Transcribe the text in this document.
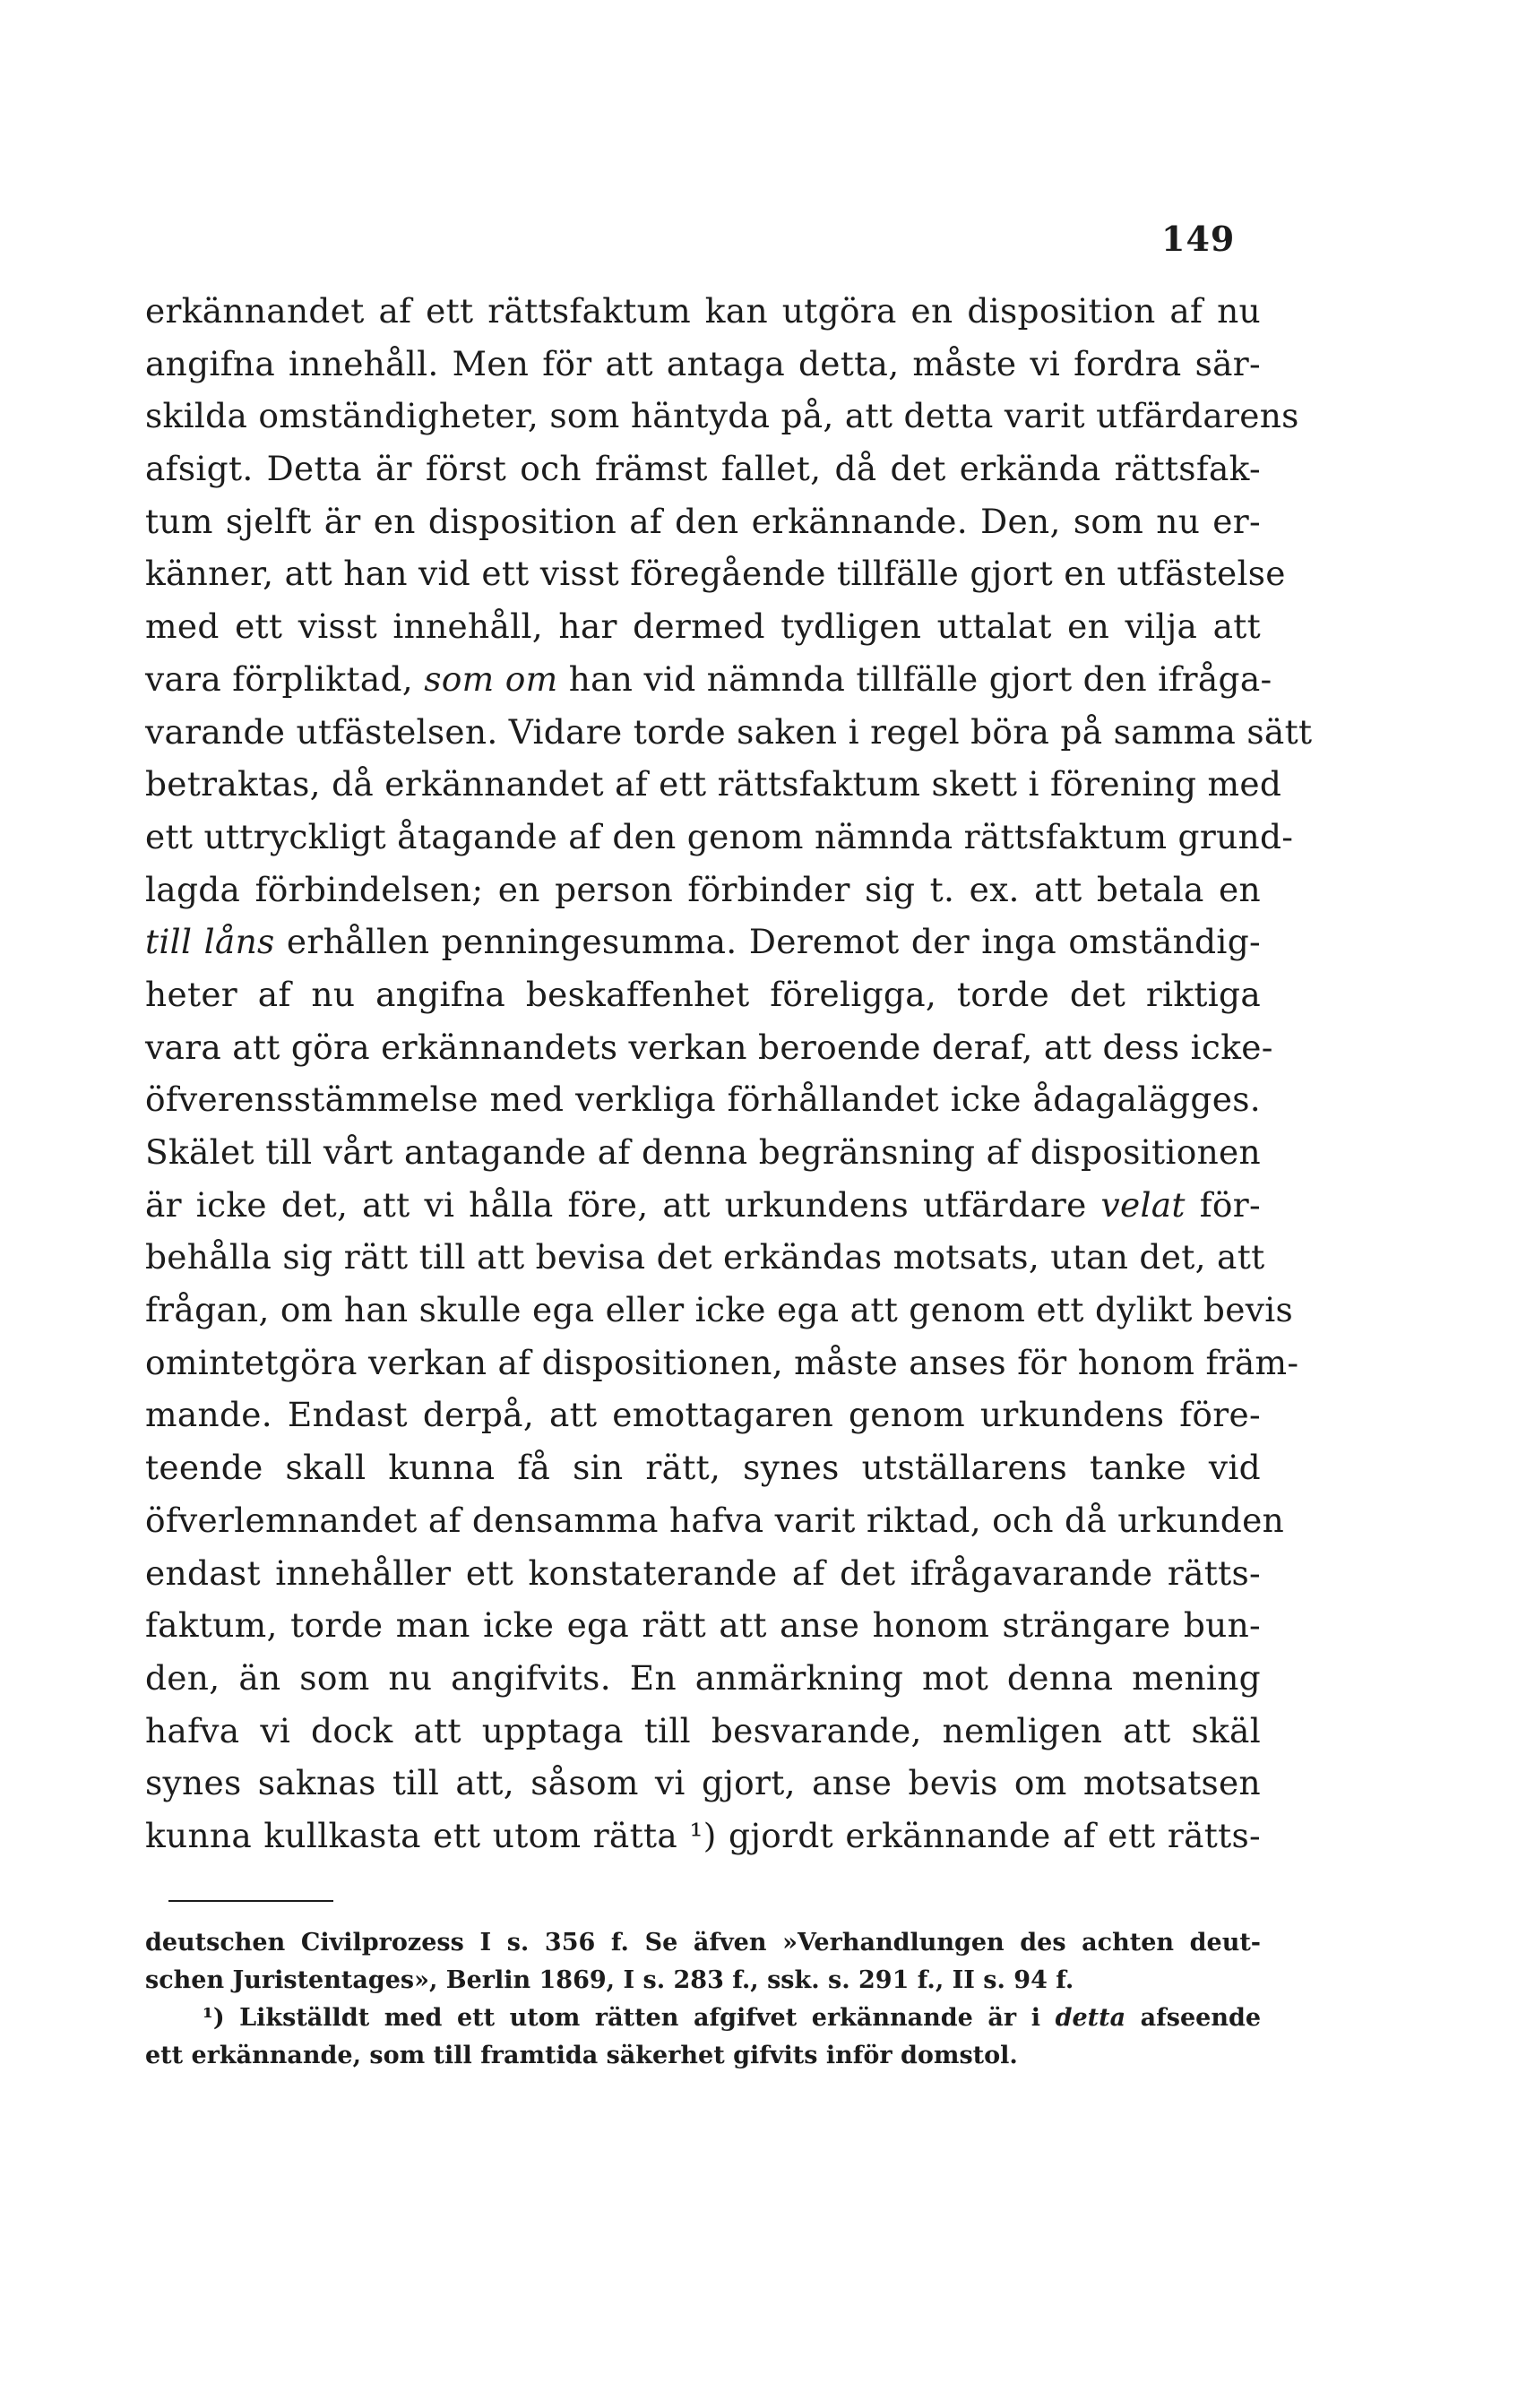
149
erkännandet af ett rättsfaktum kan utgöra en disposition af nu
angifna innehåll. Men för att antaga detta, måste vi fordra sär-
skilda omständigheter, som häntyda på, att detta varit utfärdarens
afsigt. Detta är först och främst fallet, då det erkända rättsfak-
tum sjelft är en disposition af den erkännande. Den, som nu er-
känner, att han vid ett visst föregående tillfälle gjort en utfästelse
med ett visst innehåll, har dermed tydligen uttalat en vilja att
vara förpliktad, som om han vid nämnda tillfälle gjort den ifråga-
varande utfästelsen. Vidare torde saken i regel böra på samma sätt
betraktas, då erkännandet af ett rättsfaktum skett i förening med
ett uttryckligt åtagande af den genom nämnda rättsfaktum grund-
lagda förbindelsen; en person förbinder sig t. ex. att betala en
till låns erhållen penningesumma. Deremot der inga omständig-
heter af nu angifna beskaffenhet föreligga, torde det riktiga
vara att göra erkännandets verkan beroende deraf, att dess icke-
öfverensstämmelse med verkliga förhållandet icke ådagalägges.
Skälet till vårt antagande af denna begränsning af dispositionen
är icke det, att vi hålla före, att urkundens utfärdare velat för-
behålla sig rätt till att bevisa det erkändas motsats, utan det, att
frågan, om han skulle ega eller icke ega att genom ett dylikt bevis
omintetgöra verkan af dispositionen, måste anses för honom främ-
mande. Endast derpå, att emottagaren genom urkundens före-
teende skall kunna få sin rätt, synes utställarens tanke vid
öfverlemnandet af densamma hafva varit riktad, och då urkunden
endast innehåller ett konstaterande af det ifrågavarande rätts-
faktum, torde man icke ega rätt att anse honom strängare bun-
den, än som nu angifvits. En anmärkning mot denna mening
hafva vi dock att upptaga till besvarande, nemligen att skäl
synes saknas till att, såsom vi gjort, anse bevis om motsatsen
kunna kullkasta ett utom rätta ¹) gjordt erkännande af ett rätts-
deutschen Civilprozess I s. 356 f. Se äfven »Verhandlungen des achten deut-
schen Juristentages», Berlin 1869, I s. 283 f., ssk. s. 291 f., II s. 94 f.
¹) Likställdt med ett utom rätten afgifvet erkännande är i detta afseende
ett erkännande, som till framtida säkerhet gifvits inför domstol.
